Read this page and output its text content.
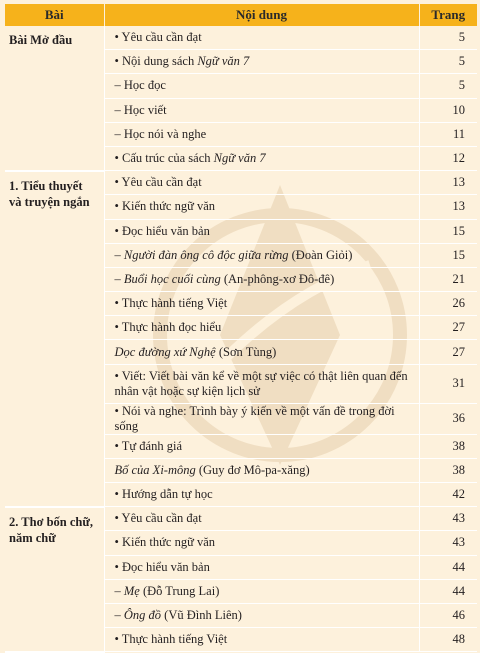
Bài	Nội dung	Trang
Bài Mở đầu	• Yêu cầu cần đạt	5
	• Nội dung sách Ngữ văn 7	5
	– Học đọc	5
	– Học viết	10
	– Học nói và nghe	11
	• Cấu trúc của sách Ngữ văn 7	12
1. Tiểu thuyết và truyện ngắn	• Yêu cầu cần đạt	13
	• Kiến thức ngữ văn	13
	• Đọc hiểu văn bản	15
	– Người đàn ông cô độc giữa rừng (Đoàn Giỏi)	15
	– Buổi học cuối cùng (An-phông-xơ Đô-đê)	21
	• Thực hành tiếng Việt	26
	• Thực hành đọc hiểu	27
	Dọc đường xứ Nghệ (Sơn Tùng)	27
	• Viết: Viết bài văn kể về một sự việc có thật liên quan đến nhân vật hoặc sự kiện lịch sử	31
	• Nói và nghe: Trình bày ý kiến về một vấn đề trong đời sống	36
	• Tự đánh giá	38
	Bố của Xi-mông (Guy đơ Mô-pa-xăng)	38
	• Hướng dẫn tự học	42
2. Thơ bốn chữ, năm chữ	• Yêu cầu cần đạt	43
	• Kiến thức ngữ văn	43
	• Đọc hiểu văn bản	44
	– Mẹ (Đỗ Trung Lai)	44
	– Ông đồ (Vũ Đình Liên)	46
	• Thực hành tiếng Việt	48
